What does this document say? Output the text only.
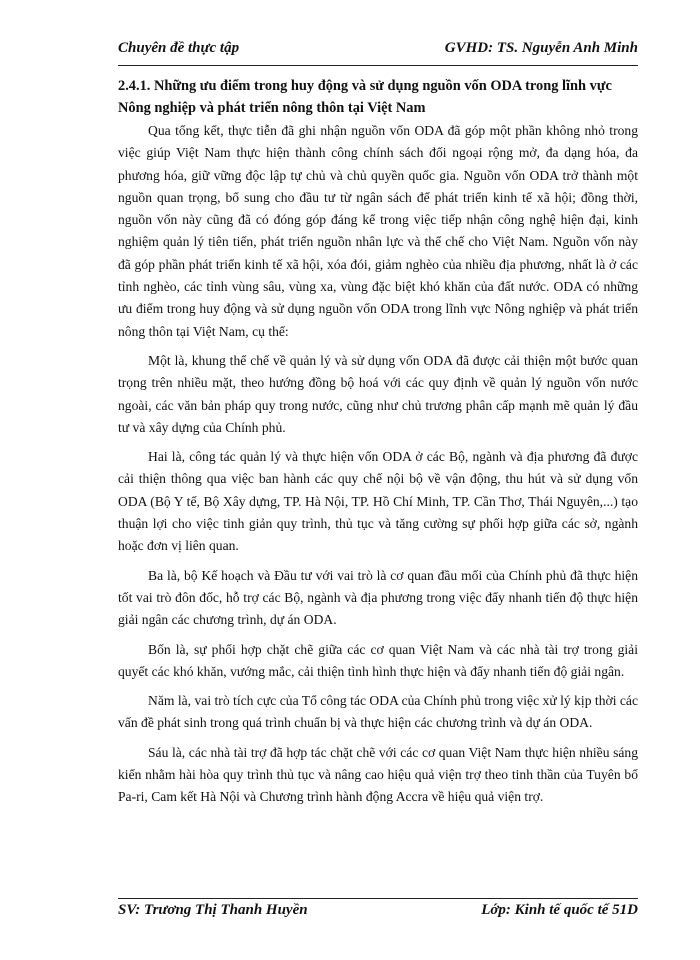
Chuyên đề thực tập	GVHD: TS. Nguyễn Anh Minh
2.4.1. Những ưu điểm trong huy động và sử dụng nguồn vốn ODA trong lĩnh vực Nông nghiệp và phát triển nông thôn tại Việt Nam

Qua tổng kết, thực tiễn đã ghi nhận nguồn vốn ODA đã góp một phần không nhỏ trong việc giúp Việt Nam thực hiện thành công chính sách đối ngoại rộng mở, đa dạng hóa, đa phương hóa, giữ vững độc lập tự chủ và chủ quyền quốc gia. Nguồn vốn ODA trở thành một nguồn quan trọng, bổ sung cho đầu tư từ ngân sách để phát triển kinh tế xã hội; đồng thời, nguồn vốn này cũng đã có đóng góp đáng kể trong việc tiếp nhận công nghệ hiện đại, kinh nghiệm quản lý tiên tiến, phát triển nguồn nhân lực và thể chế cho Việt Nam. Nguồn vốn này đã góp phần phát triển kinh tế xã hội, xóa đói, giảm nghèo của nhiều địa phương, nhất là ở các tỉnh nghèo, các tỉnh vùng sâu, vùng xa, vùng đặc biệt khó khăn của đất nước. ODA có những ưu điểm trong huy động và sử dụng nguồn vốn ODA trong lĩnh vực Nông nghiệp và phát triển nông thôn tại Việt Nam, cụ thể:

Một là, khung thể chế về quản lý và sử dụng vốn ODA đã được cải thiện một bước quan trọng trên nhiều mặt, theo hướng đồng bộ hoá với các quy định về quản lý nguồn vốn nước ngoài, các văn bản pháp quy trong nước, cũng như chủ trương phân cấp mạnh mẽ quản lý đầu tư và xây dựng của Chính phủ.

Hai là, công tác quản lý và thực hiện vốn ODA ở các Bộ, ngành và địa phương đã được cải thiện thông qua việc ban hành các quy chế nội bộ về vận động, thu hút và sử dụng vốn ODA (Bộ Y tế, Bộ Xây dựng, TP. Hà Nội, TP. Hồ Chí Minh, TP. Cần Thơ, Thái Nguyên,...) tạo thuận lợi cho việc tinh giản quy trình, thủ tục và tăng cường sự phối hợp giữa các sở, ngành hoặc đơn vị liên quan.

Ba là, bộ Kế hoạch và Đầu tư với vai trò là cơ quan đầu mối của Chính phủ đã thực hiện tốt vai trò đôn đốc, hỗ trợ các Bộ, ngành và địa phương trong việc đẩy nhanh tiến độ thực hiện giải ngân các chương trình, dự án ODA.

Bốn là, sự phối hợp chặt chẽ giữa các cơ quan Việt Nam và các nhà tài trợ trong giải quyết các khó khăn, vướng mắc, cải thiện tình hình thực hiện và đẩy nhanh tiến độ giải ngân.

Năm là, vai trò tích cực của Tổ công tác ODA của Chính phủ trong việc xử lý kịp thời các vấn đề phát sinh trong quá trình chuẩn bị và thực hiện các chương trình và dự án ODA.

Sáu là, các nhà tài trợ đã hợp tác chặt chẽ với các cơ quan Việt Nam thực hiện nhiều sáng kiến nhằm hài hòa quy trình thủ tục và nâng cao hiệu quả viện trợ theo tinh thần của Tuyên bố Pa-ri, Cam kết Hà Nội và Chương trình hành động Accra về hiệu quả viện trợ.

SV: Trương Thị Thanh Huyền	Lớp: Kinh tế quốc tế 51D
